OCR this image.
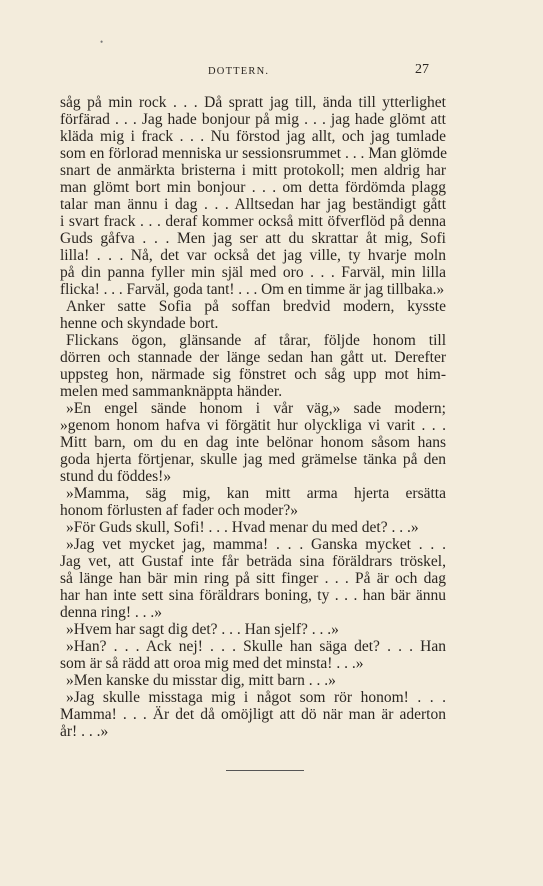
•
DOTTERN.	27
såg på min rock . . . Då spratt jag till, ända till ytterlighet
förfärad . . . Jag hade bonjour på mig . . . jag hade glömt att
kläda mig i frack . . . Nu förstod jag allt, och jag tumlade
som en förlorad menniska ur sessionsrummet . . . Man glömde
snart de anmärkta bristerna i mitt protokoll; men aldrig har
man glömt bort min bonjour . . . om detta fördömda plagg
talar man ännu i dag . . . Alltsedan har jag beständigt gått
i svart frack . . . deraf kommer också mitt öfverflöd på denna
Guds gåfva . . . Men jag ser att du skrattar åt mig, Sofi
lilla! . . . Nå, det var också det jag ville, ty hvarje moln
på din panna fyller min själ med oro . . . Farväl, min lilla
flicka! . . . Farväl, goda tant! . . . Om en timme är jag tillbaka.»
Anker satte Sofia på soffan bredvid modern, kysste
henne och skyndade bort.
Flickans ögon, glänsande af tårar, följde honom till
dörren och stannade der länge sedan han gått ut. Derefter
uppsteg hon, närmade sig fönstret och såg upp mot him-
melen med sammanknäppta händer.
»En engel sände honom i vår väg,» sade modern;
»genom honom hafva vi förgätit hur olyckliga vi varit . . .
Mitt barn, om du en dag inte belönar honom såsom hans
goda hjerta förtjenar, skulle jag med grämelse tänka på den
stund du föddes!»
»Mamma, säg mig, kan mitt arma hjerta ersätta
honom förlusten af fader och moder?»
»För Guds skull, Sofi! . . . Hvad menar du med det? . . .»
»Jag vet mycket jag, mamma! . . . Ganska mycket . . .
Jag vet, att Gustaf inte får beträda sina föräldrars tröskel,
så länge han bär min ring på sitt finger . . . På är och dag
har han inte sett sina föräldrars boning, ty . . . han bär ännu
denna ring! . . .»
»Hvem har sagt dig det? . . . Han sjelf? . . .»
»Han? . . . Ack nej! . . . Skulle han säga det? . . . Han
som är så rädd att oroa mig med det minsta! . . .»
»Men kanske du misstar dig, mitt barn . . .»
»Jag skulle misstaga mig i något som rör honom! . . .
Mamma! . . . Är det då omöjligt att dö när man är aderton
år! . . .»
